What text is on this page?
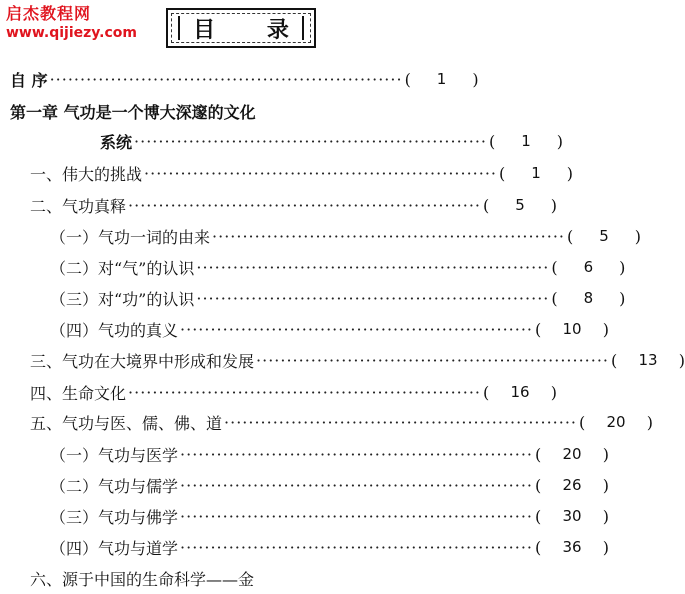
启杰教程网
www.qijiezy.com	目 录
自 序 ·························································· (	1	)
第一章 气功是一个博大深邃的文化
系统 ·························································· (	1	)
一、伟大的挑战 ·························································· (	1	)
二、气功真释 ·························································· (	5	)
（一）气功一词的由来 ·························································· (	5	)
（二）对“气”的认识 ·························································· (	6	)
（三）对“功”的认识 ·························································· (	8	)
（四）气功的真义 ·························································· (	10	)
三、气功在大境界中形成和发展 ·························································· (	13	)
四、生命文化 ·························································· (	16	)
五、气功与医、儒、佛、道 ·························································· (	20	)
（一）气功与医学 ·························································· (	20	)
（二）气功与儒学 ·························································· (	26	)
（三）气功与佛学 ·························································· (	30	)
（四）气功与道学 ·························································· (	36	)
六、源于中国的生命科学——金
